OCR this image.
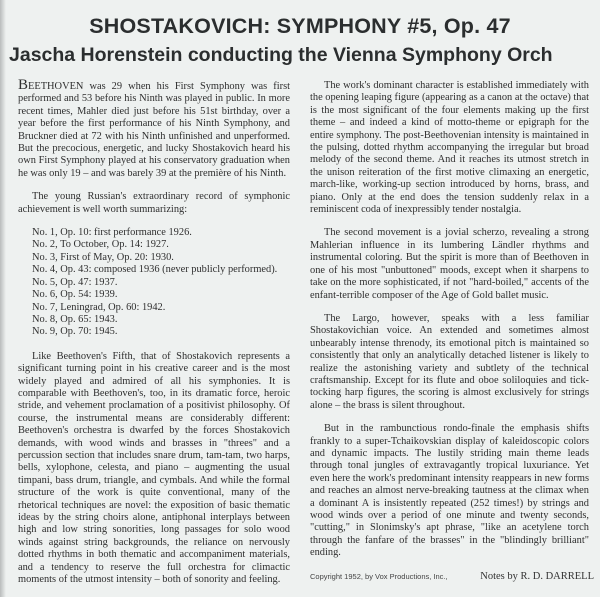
SHOSTAKOVICH: SYMPHONY #5, Op. 47
Jascha Horenstein conducting the Vienna Symphony Orch

BEETHOVEN was 29 when his First Symphony was first performed and 53 before his Ninth was played in public. In more recent times, Mahler died just before his 51st birthday, over a year before the first performance of his Ninth Symphony, and Bruckner died at 72 with his Ninth unfinished and unperformed. But the precocious, energetic, and lucky Shostakovich heard his own First Symphony played at his conservatory graduation when he was only 19 – and was barely 39 at the première of his Ninth.

The young Russian's extraordinary record of symphonic achievement is well worth summarizing:

No. 1, Op. 10: first performance 1926.
No. 2, To October, Op. 14: 1927.
No. 3, First of May, Op. 20: 1930.
No. 4, Op. 43: composed 1936 (never publicly performed).
No. 5, Op. 47: 1937.
No. 6, Op. 54: 1939.
No. 7, Leningrad, Op. 60: 1942.
No. 8, Op. 65: 1943.
No. 9, Op. 70: 1945.

Like Beethoven's Fifth, that of Shostakovich represents a significant turning point in his creative career and is the most widely played and admired of all his symphonies. It is comparable with Beethoven's, too, in its dramatic force, heroic stride, and vehement proclamation of a positivist philosophy. Of course, the instrumental means are considerably different: Beethoven's orchestra is dwarfed by the forces Shostakovich demands, with wood winds and brasses in "threes" and a percussion section that includes snare drum, tam-tam, two harps, bells, xylophone, celesta, and piano – augmenting the usual timpani, bass drum, triangle, and cymbals. And while the formal structure of the work is quite conventional, many of the rhetorical techniques are novel: the exposition of basic thematic ideas by the string choirs alone, antiphonal interplays between high and low string sonorities, long passages for solo wood winds against string backgrounds, the reliance on nervously dotted rhythms in both thematic and accompaniment materials, and a tendency to reserve the full orchestra for climactic moments of the utmost intensity – both of sonority and feeling.

The work's dominant character is established immediately with the opening leaping figure (appearing as a canon at the octave) that is the most significant of the four elements making up the first theme – and indeed a kind of motto-theme or epigraph for the entire symphony. The post-Beethovenian intensity is maintained in the pulsing, dotted rhythm accompanying the irregular but broad melody of the second theme. And it reaches its utmost stretch in the unison reiteration of the first motive climaxing an energetic, march-like, working-up section introduced by horns, brass, and piano. Only at the end does the tension suddenly relax in a reminiscent coda of inexpressibly tender nostalgia.

The second movement is a jovial scherzo, revealing a strong Mahlerian influence in its lumbering Ländler rhythms and instrumental coloring. But the spirit is more than of Beethoven in one of his most "unbuttoned" moods, except when it sharpens to take on the more sophisticated, if not "hard-boiled," accents of the enfant-terrible composer of the Age of Gold ballet music.

The Largo, however, speaks with a less familiar Shostakovichian voice. An extended and sometimes almost unbearably intense threnody, its emotional pitch is maintained so consistently that only an analytically detached listener is likely to realize the astonishing variety and subtlety of the technical craftsmanship. Except for its flute and oboe soliloquies and tick-tocking harp figures, the scoring is almost exclusively for strings alone – the brass is silent throughout.

But in the rambunctious rondo-finale the emphasis shifts frankly to a super-Tchaikovskian display of kaleidoscopic colors and dynamic impacts. The lustily striding main theme leads through tonal jungles of extravagantly tropical luxuriance. Yet even here the work's predominant intensity reappears in new forms and reaches an almost nerve-breaking tautness at the climax when a dominant A is insistently repeated (252 times!) by strings and wood winds over a period of one minute and twenty seconds, "cutting," in Slonimsky's apt phrase, "like an acetylene torch through the fanfare of the brasses" in the "blindingly brilliant" ending.

Copyright 1952, by Vox Productions, Inc.,	Notes by R. D. DARRELL
